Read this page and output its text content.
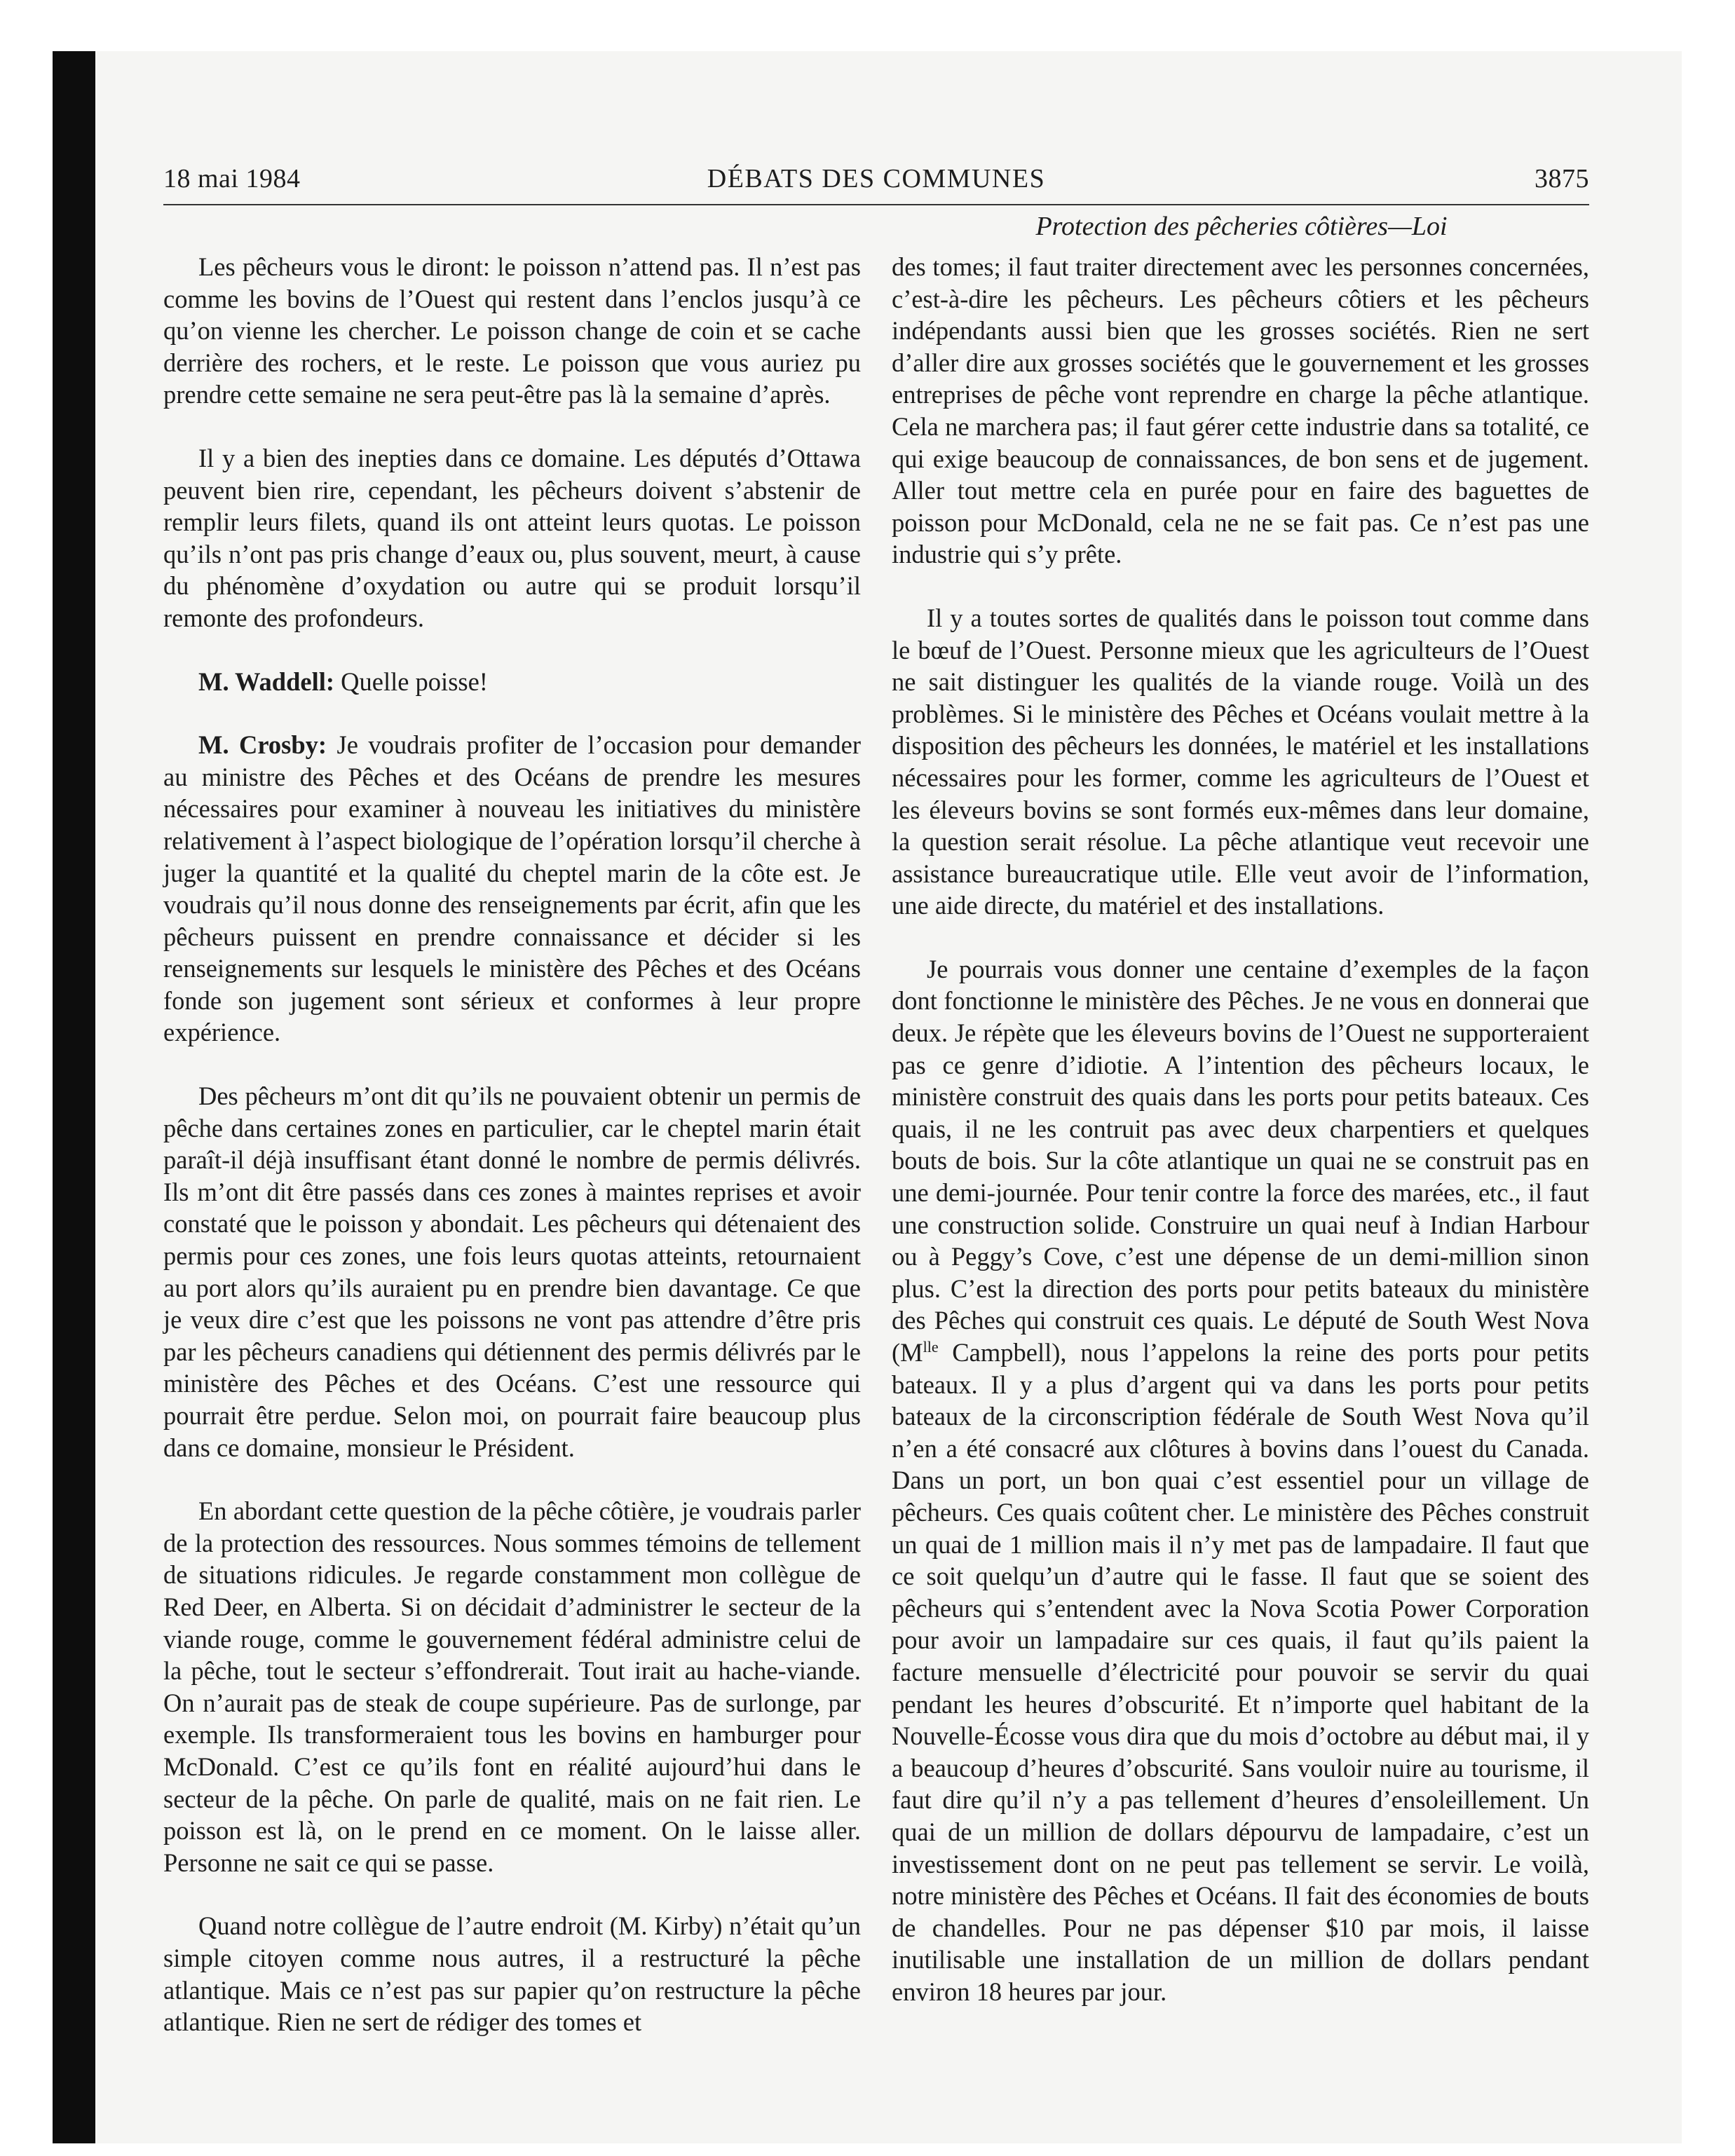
18 mai 1984	DÉBATS DES COMMUNES	3875
Protection des pêcheries côtières—Loi

Les pêcheurs vous le diront: le poisson n’attend pas. Il n’est pas comme les bovins de l’Ouest qui restent dans l’enclos jusqu’à ce qu’on vienne les chercher. Le poisson change de coin et se cache derrière des rochers, et le reste. Le poisson que vous auriez pu prendre cette semaine ne sera peut-être pas là la semaine d’après.

Il y a bien des inepties dans ce domaine. Les députés d’Ottawa peuvent bien rire, cependant, les pêcheurs doivent s’abstenir de remplir leurs filets, quand ils ont atteint leurs quotas. Le poisson qu’ils n’ont pas pris change d’eaux ou, plus souvent, meurt, à cause du phénomène d’oxydation ou autre qui se produit lorsqu’il remonte des profondeurs.

M. Waddell: Quelle poisse!

M. Crosby: Je voudrais profiter de l’occasion pour demander au ministre des Pêches et des Océans de prendre les mesures nécessaires pour examiner à nouveau les initiatives du ministère relativement à l’aspect biologique de l’opération lorsqu’il cherche à juger la quantité et la qualité du cheptel marin de la côte est. Je voudrais qu’il nous donne des renseignements par écrit, afin que les pêcheurs puissent en prendre connaissance et décider si les renseignements sur lesquels le ministère des Pêches et des Océans fonde son jugement sont sérieux et conformes à leur propre expérience.

Des pêcheurs m’ont dit qu’ils ne pouvaient obtenir un permis de pêche dans certaines zones en particulier, car le cheptel marin était paraît-il déjà insuffisant étant donné le nombre de permis délivrés. Ils m’ont dit être passés dans ces zones à maintes reprises et avoir constaté que le poisson y abondait. Les pêcheurs qui détenaient des permis pour ces zones, une fois leurs quotas atteints, retournaient au port alors qu’ils auraient pu en prendre bien davantage. Ce que je veux dire c’est que les poissons ne vont pas attendre d’être pris par les pêcheurs canadiens qui détiennent des permis délivrés par le ministère des Pêches et des Océans. C’est une ressource qui pourrait être perdue. Selon moi, on pourrait faire beaucoup plus dans ce domaine, monsieur le Président.

En abordant cette question de la pêche côtière, je voudrais parler de la protection des ressources. Nous sommes témoins de tellement de situations ridicules. Je regarde constamment mon collègue de Red Deer, en Alberta. Si on décidait d’administrer le secteur de la viande rouge, comme le gouvernement fédéral administre celui de la pêche, tout le secteur s’effondrerait. Tout irait au hache-viande. On n’aurait pas de steak de coupe supérieure. Pas de surlonge, par exemple. Ils transformeraient tous les bovins en hamburger pour McDonald. C’est ce qu’ils font en réalité aujourd’hui dans le secteur de la pêche. On parle de qualité, mais on ne fait rien. Le poisson est là, on le prend en ce moment. On le laisse aller. Personne ne sait ce qui se passe.

Quand notre collègue de l’autre endroit (M. Kirby) n’était qu’un simple citoyen comme nous autres, il a restructuré la pêche atlantique. Mais ce n’est pas sur papier qu’on restructure la pêche atlantique. Rien ne sert de rédiger des tomes et

des tomes; il faut traiter directement avec les personnes concernées, c’est-à-dire les pêcheurs. Les pêcheurs côtiers et les pêcheurs indépendants aussi bien que les grosses sociétés. Rien ne sert d’aller dire aux grosses sociétés que le gouvernement et les grosses entreprises de pêche vont reprendre en charge la pêche atlantique. Cela ne marchera pas; il faut gérer cette industrie dans sa totalité, ce qui exige beaucoup de connaissances, de bon sens et de jugement. Aller tout mettre cela en purée pour en faire des baguettes de poisson pour McDonald, cela ne ne se fait pas. Ce n’est pas une industrie qui s’y prête.

Il y a toutes sortes de qualités dans le poisson tout comme dans le bœuf de l’Ouest. Personne mieux que les agriculteurs de l’Ouest ne sait distinguer les qualités de la viande rouge. Voilà un des problèmes. Si le ministère des Pêches et Océans voulait mettre à la disposition des pêcheurs les données, le matériel et les installations nécessaires pour les former, comme les agriculteurs de l’Ouest et les éleveurs bovins se sont formés eux-mêmes dans leur domaine, la question serait résolue. La pêche atlantique veut recevoir une assistance bureaucratique utile. Elle veut avoir de l’information, une aide directe, du matériel et des installations.

Je pourrais vous donner une centaine d’exemples de la façon dont fonctionne le ministère des Pêches. Je ne vous en donnerai que deux. Je répète que les éleveurs bovins de l’Ouest ne supporteraient pas ce genre d’idiotie. A l’intention des pêcheurs locaux, le ministère construit des quais dans les ports pour petits bateaux. Ces quais, il ne les contruit pas avec deux charpentiers et quelques bouts de bois. Sur la côte atlantique un quai ne se construit pas en une demi-journée. Pour tenir contre la force des marées, etc., il faut une construction solide. Construire un quai neuf à Indian Harbour ou à Peggy’s Cove, c’est une dépense de un demi-million sinon plus. C’est la direction des ports pour petits bateaux du ministère des Pêches qui construit ces quais. Le député de South West Nova ($M^{lle}$ Campbell), nous l’appelons la reine des ports pour petits bateaux. Il y a plus d’argent qui va dans les ports pour petits bateaux de la circonscription fédérale de South West Nova qu’il n’en a été consacré aux clôtures à bovins dans l’ouest du Canada. Dans un port, un bon quai c’est essentiel pour un village de pêcheurs. Ces quais coûtent cher. Le ministère des Pêches construit un quai de 1 million mais il n’y met pas de lampadaire. Il faut que ce soit quelqu’un d’autre qui le fasse. Il faut que se soient des pêcheurs qui s’entendent avec la Nova Scotia Power Corporation pour avoir un lampadaire sur ces quais, il faut qu’ils paient la facture mensuelle d’électricité pour pouvoir se servir du quai pendant les heures d’obscurité. Et n’importe quel habitant de la Nouvelle-Écosse vous dira que du mois d’octobre au début mai, il y a beaucoup d’heures d’obscurité. Sans vouloir nuire au tourisme, il faut dire qu’il n’y a pas tellement d’heures d’ensoleillement. Un quai de un million de dollars dépourvu de lampadaire, c’est un investissement dont on ne peut pas tellement se servir. Le voilà, notre ministère des Pêches et Océans. Il fait des économies de bouts de chandelles. Pour ne pas dépenser $10 par mois, il laisse inutilisable une installation de un million de dollars pendant environ 18 heures par jour.
